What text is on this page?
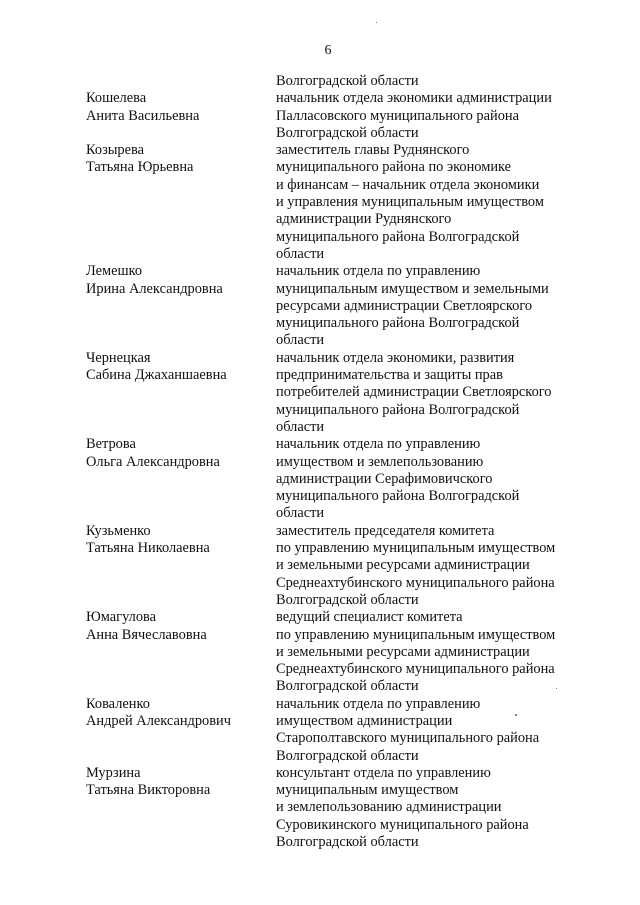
6
Волгоградской области
Кошелева
Анита Васильевна
начальник отдела экономики администрации
Палласовского муниципального района
Волгоградской области
Козырева
Татьяна Юрьевна
заместитель главы Руднянского
муниципального района по экономике
и финансам – начальник отдела экономики
и управления муниципальным имуществом
администрации Руднянского
муниципального района Волгоградской
области
Лемешко
Ирина Александровна
начальник отдела по управлению
муниципальным имуществом и земельными
ресурсами администрации Светлоярского
муниципального района Волгоградской
области
Чернецкая
Сабина Джаханшаевна
начальник отдела экономики, развития
предпринимательства и защиты прав
потребителей администрации Светлоярского
муниципального района Волгоградской
области
Ветрова
Ольга Александровна
начальник отдела по управлению
имуществом и землепользованию
администрации Серафимовичского
муниципального района Волгоградской
области
Кузьменко
Татьяна Николаевна
заместитель председателя комитета
по управлению муниципальным имуществом
и земельными ресурсами администрации
Среднеахтубинского муниципального района
Волгоградской области
Юмагулова
Анна Вячеславовна
ведущий специалист комитета
по управлению муниципальным имуществом
и земельными ресурсами администрации
Среднеахтубинского муниципального района
Волгоградской области
Коваленко
Андрей Александрович
начальник отдела по управлению
имуществом администрации
Старополтавского муниципального района
Волгоградской области
Мурзина
Татьяна Викторовна
консультант отдела по управлению
муниципальным имуществом
и землепользованию администрации
Суровикинского муниципального района
Волгоградской области
